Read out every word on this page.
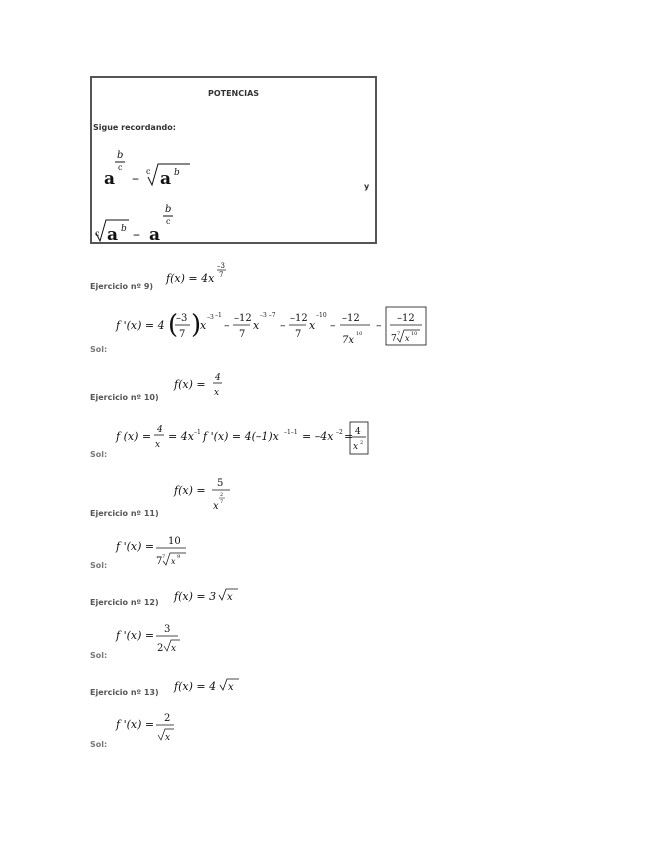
POTENCIAS
Sigue recordando:
a
b
c
– c a b
y
c a b – a
b
c
Ejercicio nº 9)
f(x) = 4x
–3
7
Sol:
f '(x) = 4 (
–3
7 )
x
–3 –1
–
–12
7
x
–3 –7
–
–12
7
x
–10
–
–12
7x
10
–
–12
7 7 x 10
f(x) = 4
x
Ejercicio nº 10)
f (x) = 4
x
= 4x –1 f '(x) = 4(–1)x –1–1 = –4x –2 = 4
x 2
Sol:
f(x) =
5
x
2
7
Ejercicio nº 11)
f '(x) = 10
7 7 x 9
Sol:
Ejercicio nº 12) f(x) = 3 x
f '(x) = 3
2 x
Sol:
Ejercicio nº 13) f(x) = 4 x
f '(x) = 2
x
Sol:
